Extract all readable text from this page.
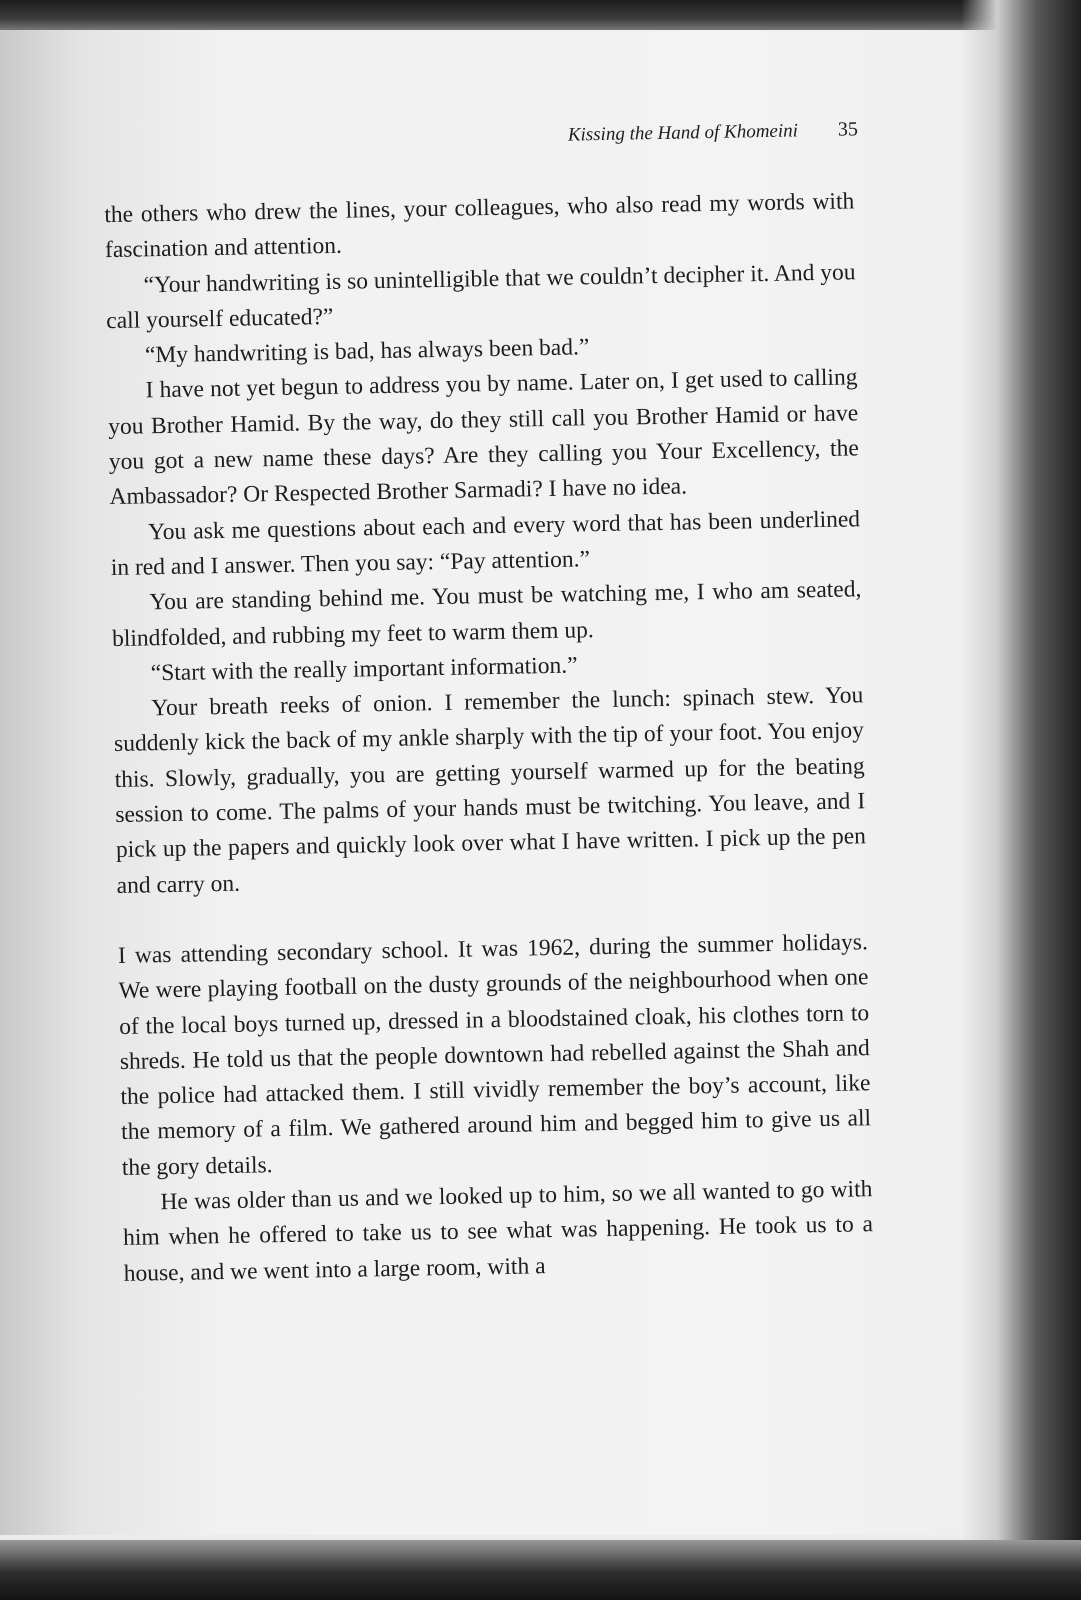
Kissing the Hand of Khomeini 35

the others who drew the lines, your colleagues, who also read my words with fascination and attention.

“Your handwriting is so unintelligible that we couldn’t decipher it. And you call yourself educated?”

“My handwriting is bad, has always been bad.”

I have not yet begun to address you by name. Later on, I get used to calling you Brother Hamid. By the way, do they still call you Brother Hamid or have you got a new name these days? Are they calling you Your Excellency, the Ambassador? Or Respected Brother Sarmadi? I have no idea.

You ask me questions about each and every word that has been underlined in red and I answer. Then you say: “Pay attention.”

You are standing behind me. You must be watching me, I who am seated, blindfolded, and rubbing my feet to warm them up.

“Start with the really important information.”

Your breath reeks of onion. I remember the lunch: spinach stew. You suddenly kick the back of my ankle sharply with the tip of your foot. You enjoy this. Slowly, gradually, you are getting yourself warmed up for the beating session to come. The palms of your hands must be twitching. You leave, and I pick up the papers and quickly look over what I have written. I pick up the pen and carry on.

I was attending secondary school. It was 1962, during the summer holidays. We were playing football on the dusty grounds of the neighbourhood when one of the local boys turned up, dressed in a bloodstained cloak, his clothes torn to shreds. He told us that the people downtown had rebelled against the Shah and the police had attacked them. I still vividly remember the boy’s account, like the memory of a film. We gathered around him and begged him to give us all the gory details.

He was older than us and we looked up to him, so we all wanted to go with him when he offered to take us to see what was happening. He took us to a house, and we went into a large room, with a
